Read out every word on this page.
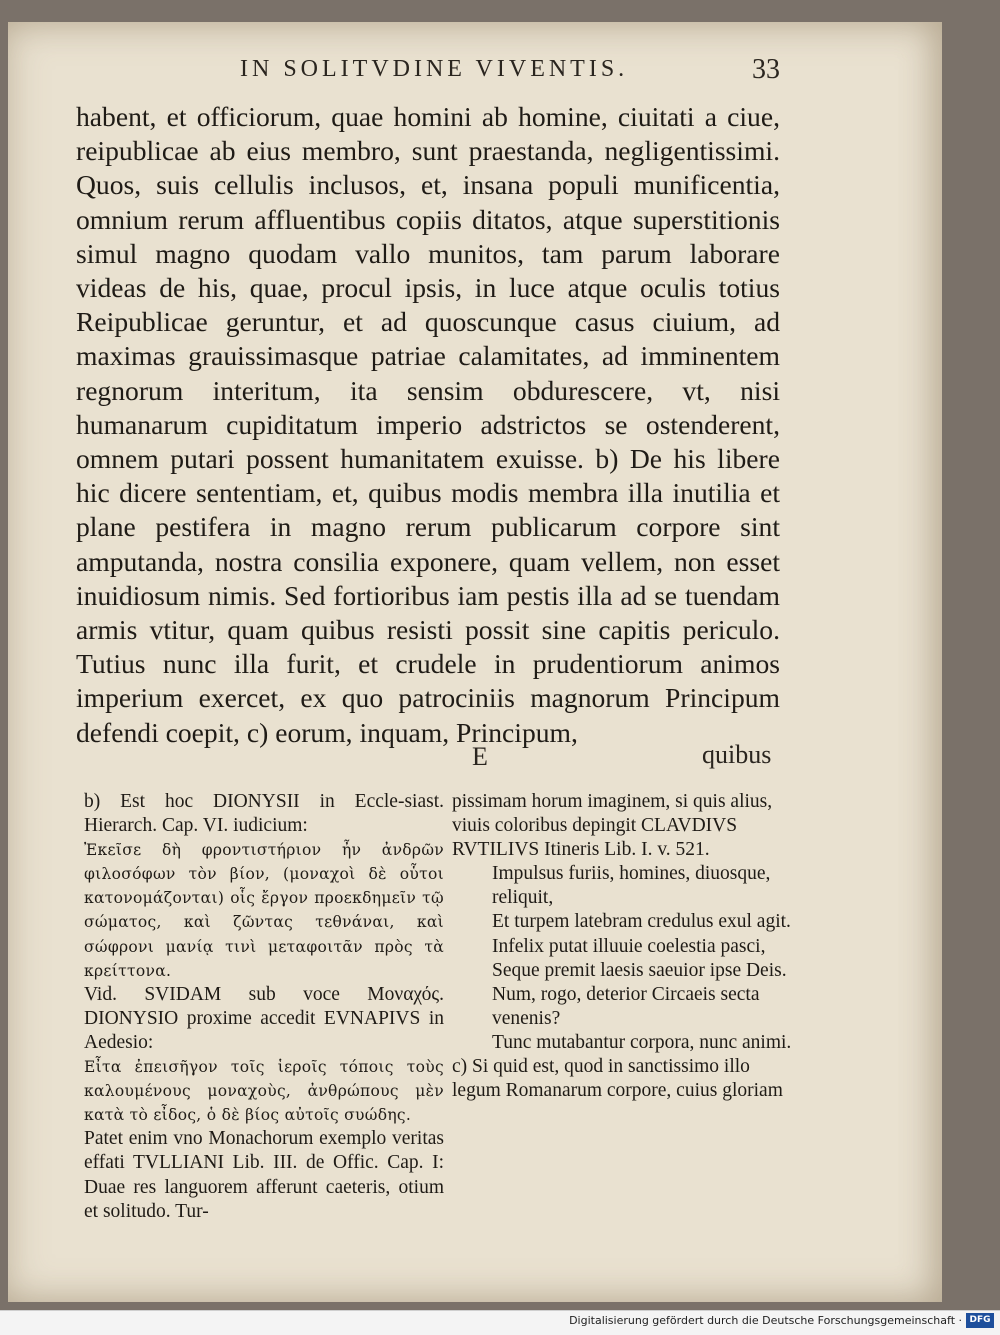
IN SOLITVDINE VIVENTIS.	33

habent, et officiorum, quae homini ab homine, ciuitati a ciue, reipublicae ab eius membro, sunt praestanda, negligentissimi. Quos, suis cellulis inclusos, et, insana populi munificentia, omnium rerum affluentibus copiis ditatos, atque superstitionis simul magno quodam vallo munitos, tam parum laborare videas de his, quae, procul ipsis, in luce atque oculis totius Reipublicae geruntur, et ad quoscunque casus ciuium, ad maximas grauissimasque patriae calamitates, ad imminentem regnorum interitum, ita sensim obdurescere, vt, nisi humanarum cupiditatum imperio adstrictos se ostenderent, omnem putari possent humanitatem exuisse. b) De his libere hic dicere sententiam, et, quibus modis membra illa inutilia et plane pestifera in magno rerum publicarum corpore sint amputanda, nostra consilia exponere, quam vellem, non esset inuidiosum nimis. Sed fortioribus iam pestis illa ad se tuendam armis vtitur, quam quibus resisti possit sine capitis periculo. Tutius nunc illa furit, et crudele in prudentiorum animos imperium exercet, ex quo patrociniis magnorum Principum defendi coepit, c) eorum, inquam, Principum,

E	quibus

b) Est hoc DIONYSII in Eccle-siast. Hierarch. Cap. VI. iudicium:

Ἐκεῖσε δὴ φροντιστήριον ἦν ἀνδρῶν φιλοσόφων τὸν βίον, (μοναχοὶ δὲ οὗτοι κατονομάζονται) οἷς ἔργον προεκδημεῖν τῷ σώματος, καὶ ζῶντας τεθνάναι, καὶ σώφρονι μανίᾳ τινὶ μεταφοιτᾶν πρὸς τὰ κρείττονα.

Vid. SVIDAM sub voce Μοναχός. DIONYSIO proxime accedit EVNAPIVS in Aedesio:

Εἶτα ἐπεισῆγον τοῖς ἱεροῖς τόποις τοὺς καλουμένους μοναχοὺς, ἀνθρώπους μὲν κατὰ τὸ εἶδος, ὁ δὲ βίος αὐτοῖς συώδης.

Patet enim vno Monachorum exemplo veritas effati TVLLIANI Lib. III. de Offic. Cap. I: Duae res languorem afferunt caeteris, otium et solitudo. Tur-

pissimam horum imaginem, si quis alius, viuis coloribus depingit CLAVDIVS RVTILIVS Itineris Lib. I. v. 521.

Impulsus furiis, homines, diuosque, reliquit,
Et turpem latebram credulus exul agit.
Infelix putat illuuie coelestia pasci,
Seque premit laesis saeuior ipse Deis.
Num, rogo, deterior Circaeis secta venenis?
Tunc mutabantur corpora, nunc animi.

c) Si quid est, quod in sanctissimo illo legum Romanarum corpore, cuius gloriam

Digitalisierung gefördert durch die Deutsche Forschungsgemeinschaft · DFG
